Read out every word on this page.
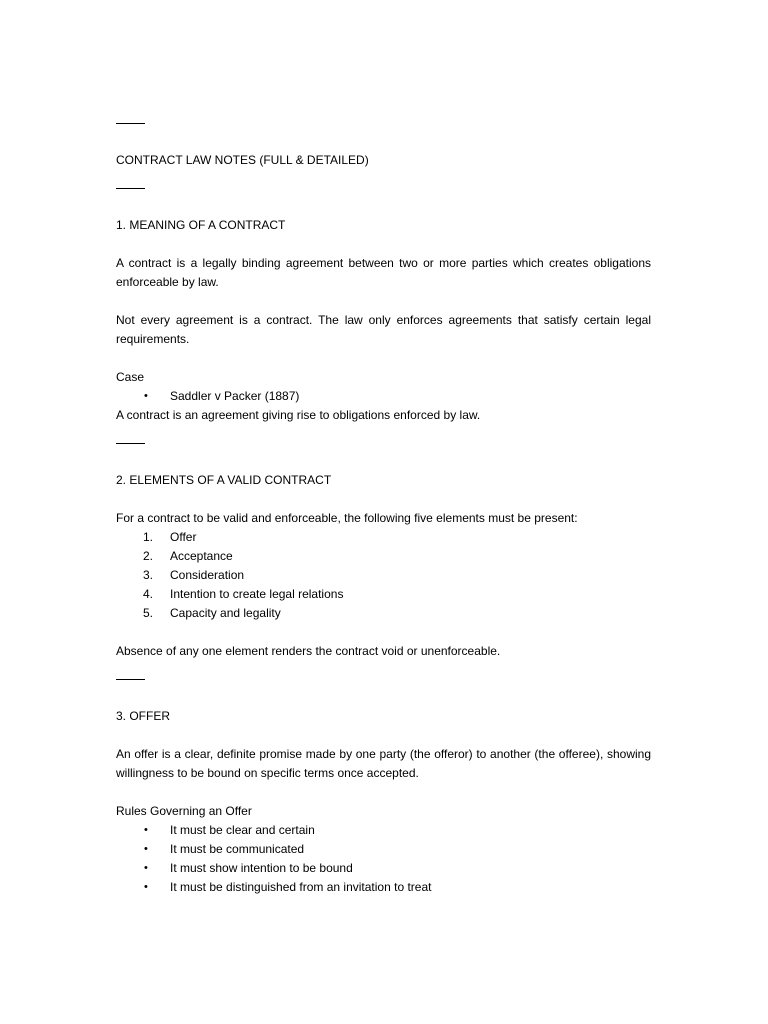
CONTRACT LAW NOTES (FULL & DETAILED)
1. MEANING OF A CONTRACT

A contract is a legally binding agreement between two or more parties which creates obligations enforceable by law.

Not every agreement is a contract. The law only enforces agreements that satisfy certain legal requirements.

Case
•	Saddler v Packer (1887)
A contract is an agreement giving rise to obligations enforced by law.
2. ELEMENTS OF A VALID CONTRACT
For a contract to be valid and enforceable, the following five elements must be present:
1.	Offer
2.	Acceptance
3.	Consideration
4.	Intention to create legal relations
5.	Capacity and legality
Absence of any one element renders the contract void or unenforceable.
3. OFFER

An offer is a clear, definite promise made by one party (the offeror) to another (the offeree), showing willingness to be bound on specific terms once accepted.

Rules Governing an Offer
•	It must be clear and certain
•	It must be communicated
•	It must show intention to be bound
•	It must be distinguished from an invitation to treat
